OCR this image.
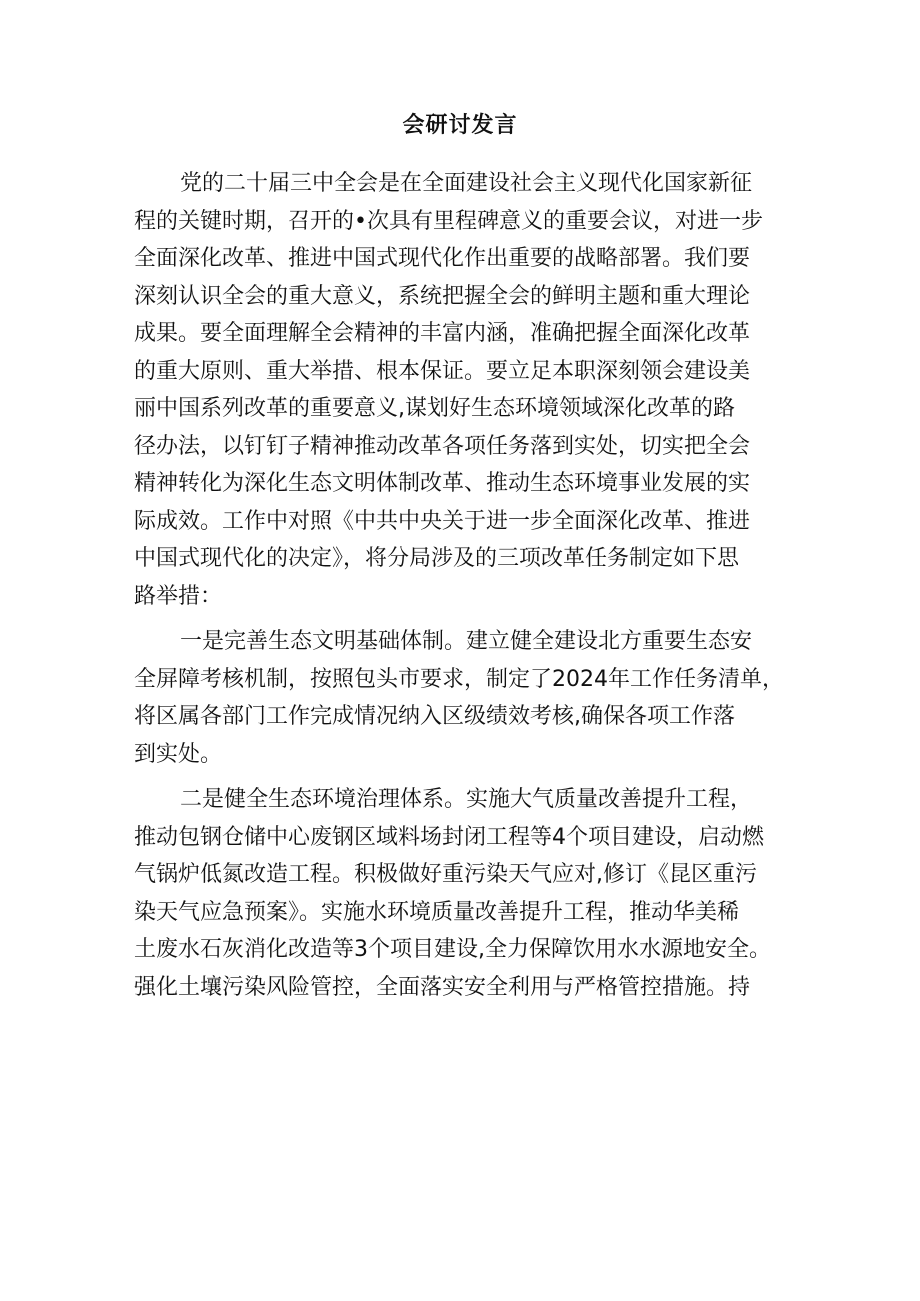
会研讨发言
党的二十届三中全会是在全面建设社会主义现代化国家新征
程的关键时期，召开的•次具有里程碑意义的重要会议，对进一步
全面深化改革、推进中国式现代化作出重要的战略部署。我们要
深刻认识全会的重大意义，系统把握全会的鲜明主题和重大理论
成果。要全面理解全会精神的丰富内涵，准确把握全面深化改革
的重大原则、重大举措、根本保证。要立足本职深刻领会建设美
丽中国系列改革的重要意义,谋划好生态环境领域深化改革的路
径办法，以钉钉子精神推动改革各项任务落到实处，切实把全会
精神转化为深化生态文明体制改革、推动生态环境事业发展的实
际成效。工作中对照《中共中央关于进一步全面深化改革、推进
中国式现代化的决定》，将分局涉及的三项改革任务制定如下思
路举措：
一是完善生态文明基础体制。建立健全建设北方重要生态安
全屏障考核机制，按照包头市要求，制定了2024年工作任务清单，
将区属各部门工作完成情况纳入区级绩效考核,确保各项工作落
到实处。
二是健全生态环境治理体系。实施大气质量改善提升工程，
推动包钢仓储中心废钢区域料场封闭工程等4个项目建设，启动燃
气锅炉低氮改造工程。积极做好重污染天气应对,修订《昆区重污
染天气应急预案》。实施水环境质量改善提升工程，推动华美稀
土废水石灰消化改造等3个项目建设,全力保障饮用水水源地安全。
强化土壤污染风险管控，全面落实安全利用与严格管控措施。持
